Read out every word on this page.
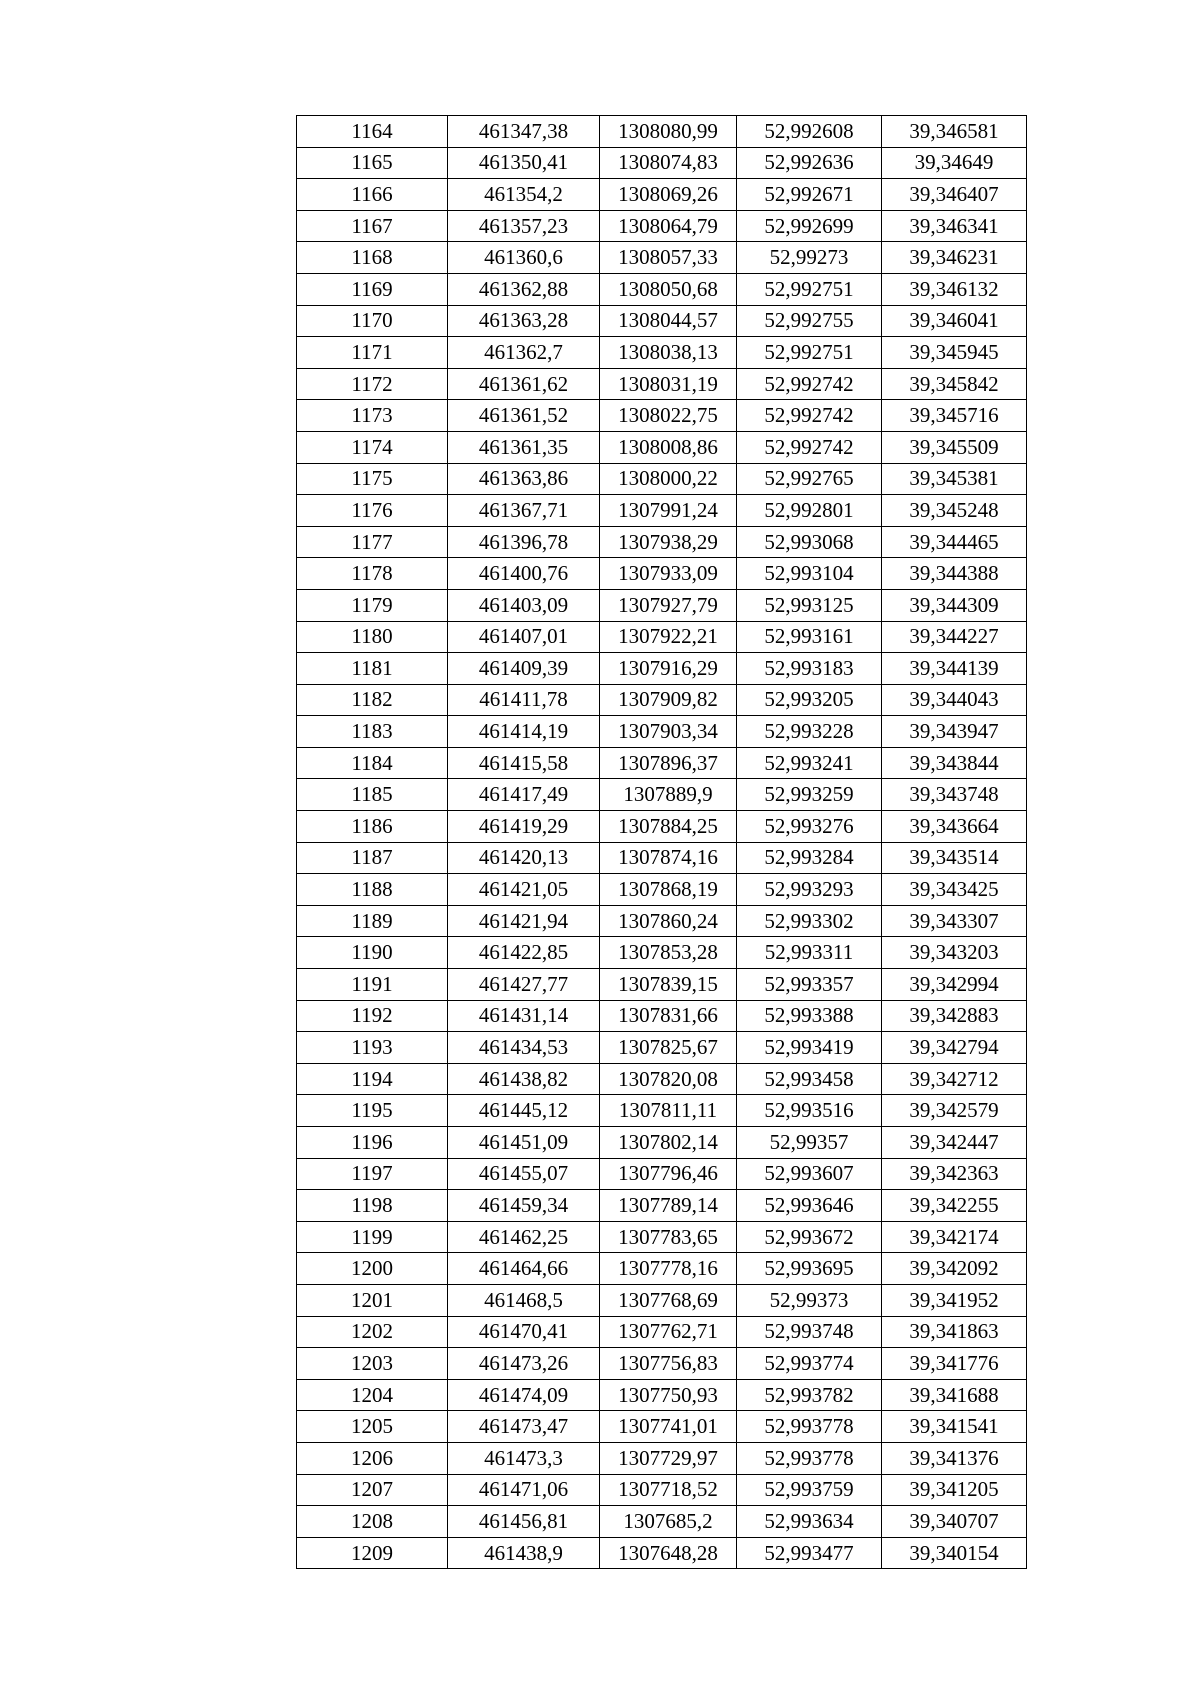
1164	461347,38	1308080,99	52,992608	39,346581
1165	461350,41	1308074,83	52,992636	39,34649
1166	461354,2	1308069,26	52,992671	39,346407
1167	461357,23	1308064,79	52,992699	39,346341
1168	461360,6	1308057,33	52,99273	39,346231
1169	461362,88	1308050,68	52,992751	39,346132
1170	461363,28	1308044,57	52,992755	39,346041
1171	461362,7	1308038,13	52,992751	39,345945
1172	461361,62	1308031,19	52,992742	39,345842
1173	461361,52	1308022,75	52,992742	39,345716
1174	461361,35	1308008,86	52,992742	39,345509
1175	461363,86	1308000,22	52,992765	39,345381
1176	461367,71	1307991,24	52,992801	39,345248
1177	461396,78	1307938,29	52,993068	39,344465
1178	461400,76	1307933,09	52,993104	39,344388
1179	461403,09	1307927,79	52,993125	39,344309
1180	461407,01	1307922,21	52,993161	39,344227
1181	461409,39	1307916,29	52,993183	39,344139
1182	461411,78	1307909,82	52,993205	39,344043
1183	461414,19	1307903,34	52,993228	39,343947
1184	461415,58	1307896,37	52,993241	39,343844
1185	461417,49	1307889,9	52,993259	39,343748
1186	461419,29	1307884,25	52,993276	39,343664
1187	461420,13	1307874,16	52,993284	39,343514
1188	461421,05	1307868,19	52,993293	39,343425
1189	461421,94	1307860,24	52,993302	39,343307
1190	461422,85	1307853,28	52,993311	39,343203
1191	461427,77	1307839,15	52,993357	39,342994
1192	461431,14	1307831,66	52,993388	39,342883
1193	461434,53	1307825,67	52,993419	39,342794
1194	461438,82	1307820,08	52,993458	39,342712
1195	461445,12	1307811,11	52,993516	39,342579
1196	461451,09	1307802,14	52,99357	39,342447
1197	461455,07	1307796,46	52,993607	39,342363
1198	461459,34	1307789,14	52,993646	39,342255
1199	461462,25	1307783,65	52,993672	39,342174
1200	461464,66	1307778,16	52,993695	39,342092
1201	461468,5	1307768,69	52,99373	39,341952
1202	461470,41	1307762,71	52,993748	39,341863
1203	461473,26	1307756,83	52,993774	39,341776
1204	461474,09	1307750,93	52,993782	39,341688
1205	461473,47	1307741,01	52,993778	39,341541
1206	461473,3	1307729,97	52,993778	39,341376
1207	461471,06	1307718,52	52,993759	39,341205
1208	461456,81	1307685,2	52,993634	39,340707
1209	461438,9	1307648,28	52,993477	39,340154
